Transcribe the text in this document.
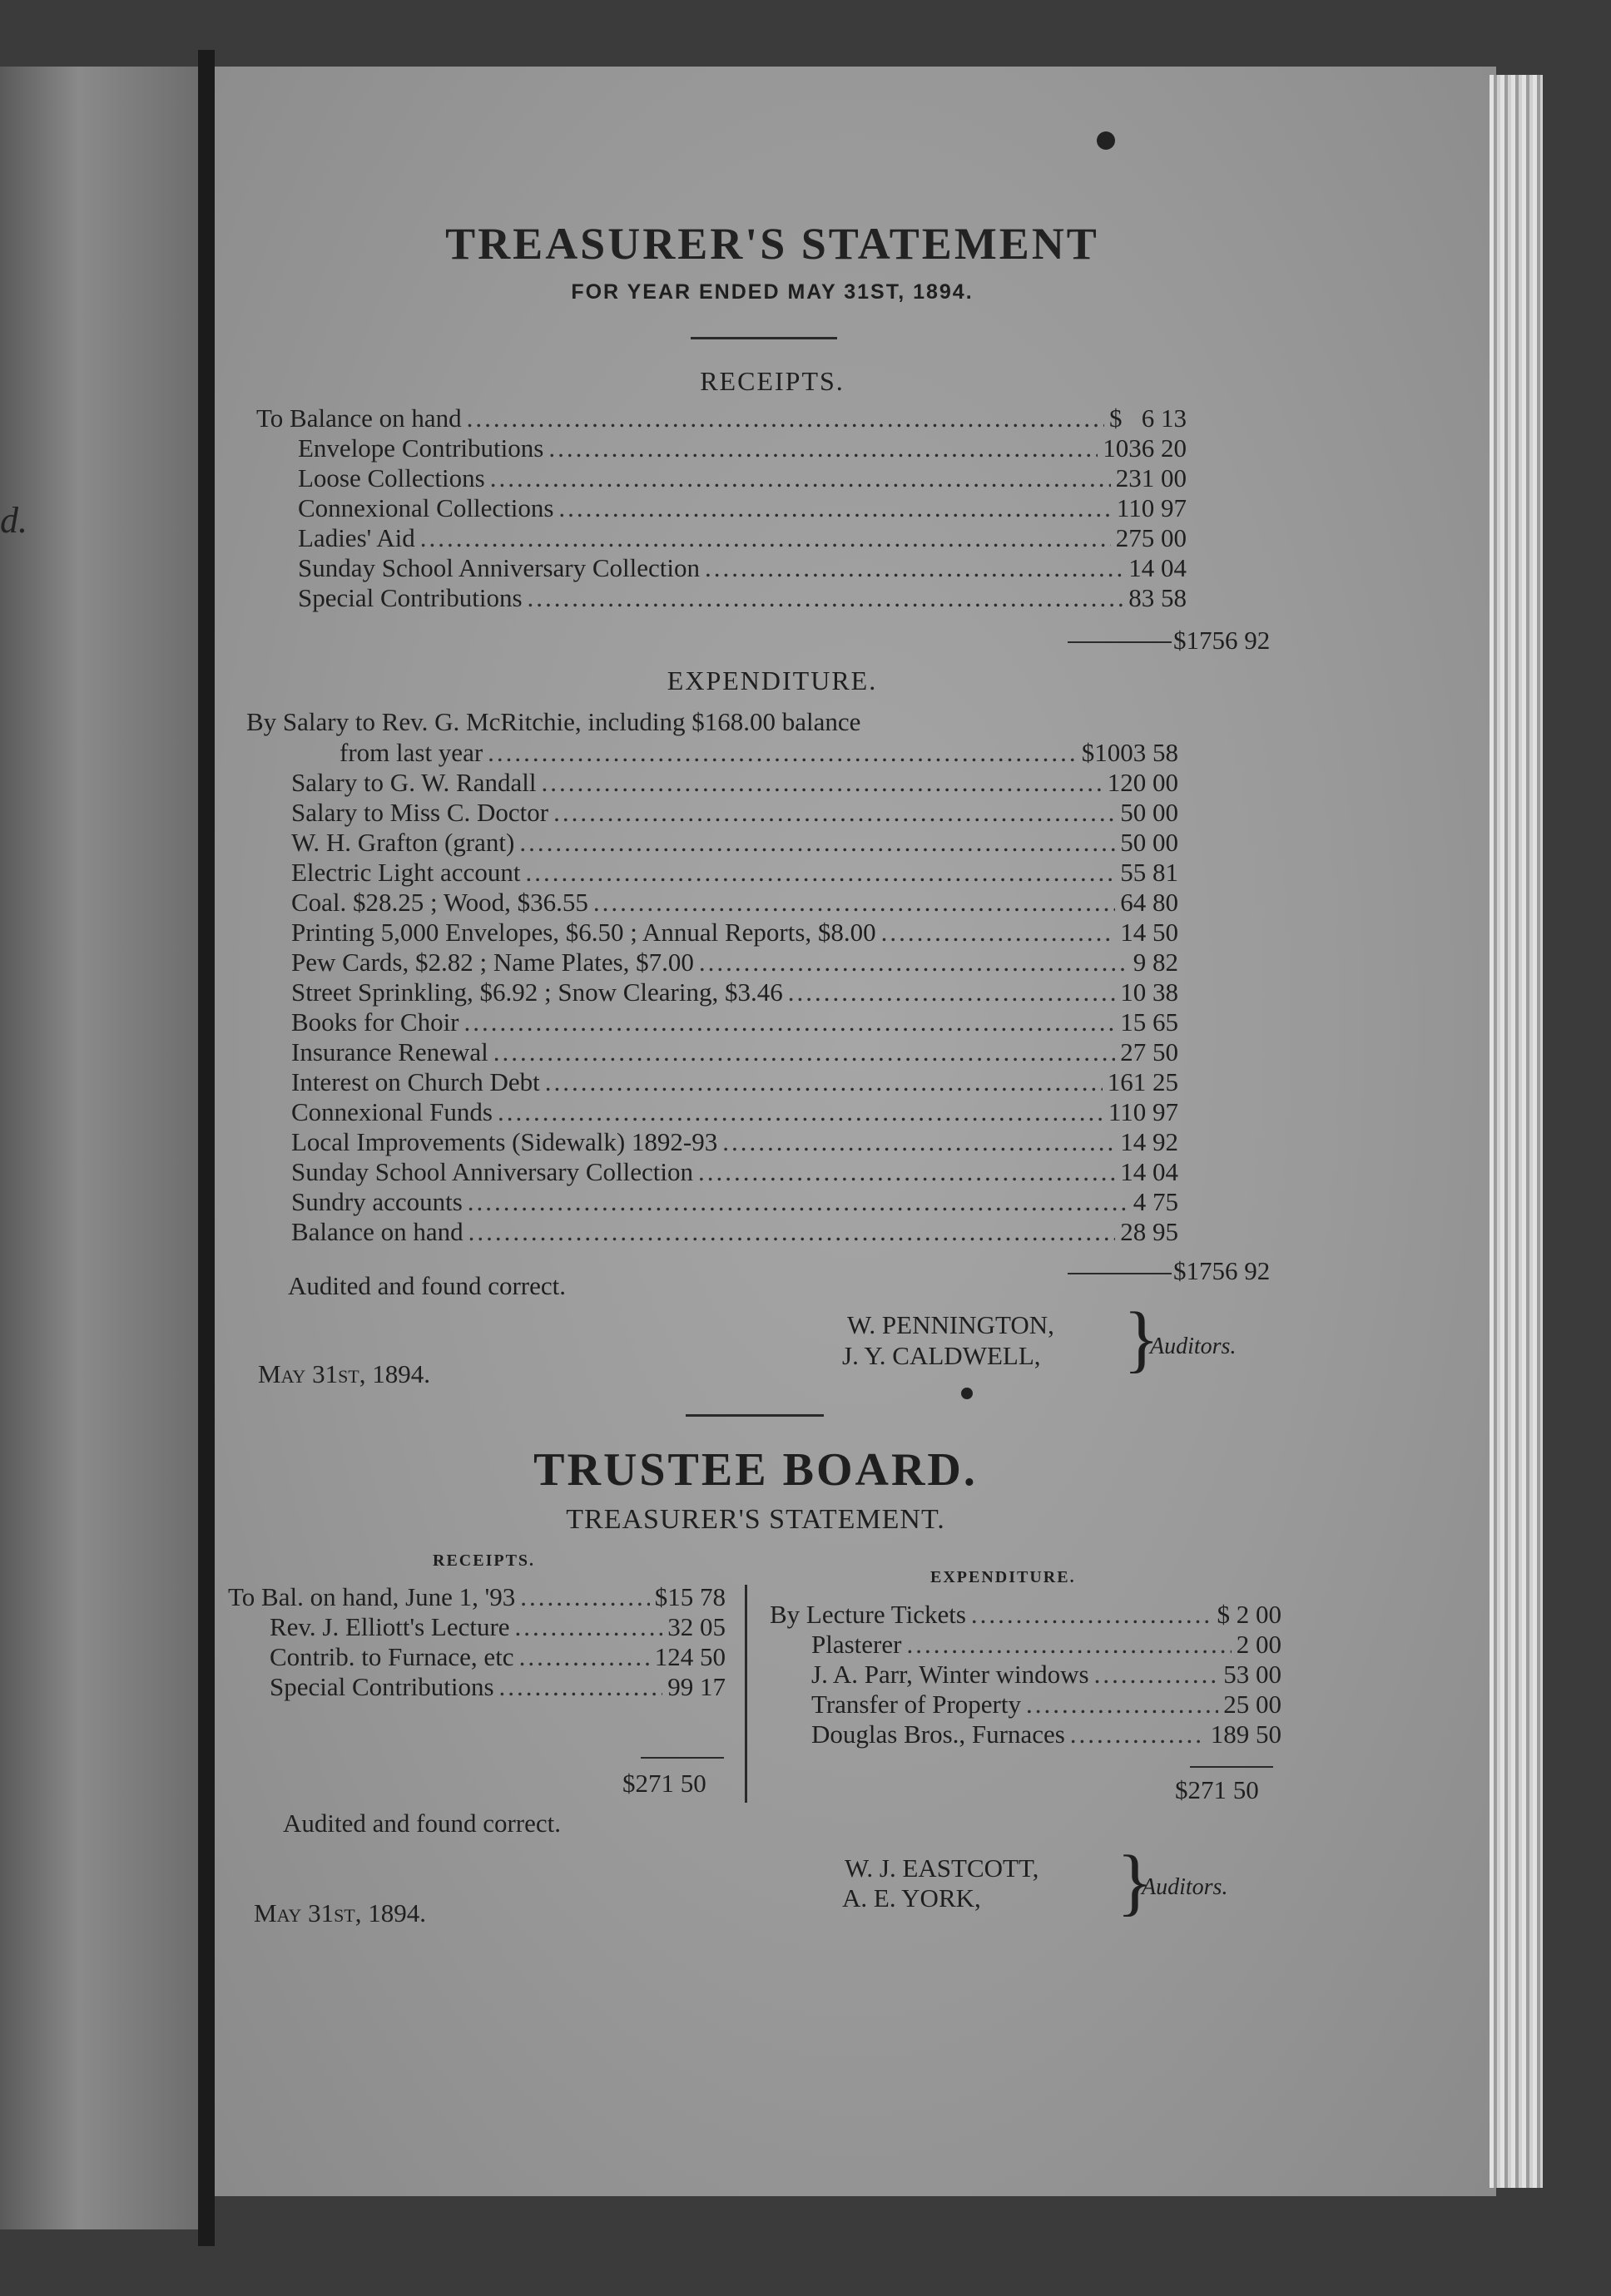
d.
TREASURER'S STATEMENT
FOR YEAR ENDED MAY 31ST, 1894.
RECEIPTS.
To Balance on hand .....	$   6 13
Envelope Contributions .....	1036 20
Loose Collections .....	231 00
Connexional Collections .....	110 97
Ladies' Aid .....	275 00
Sunday School Anniversary Collection .....	14 04
Special Contributions .....	83 58
$1756 92
EXPENDITURE.
By Salary to Rev. G. McRitchie, including $168.00 balance
from last year .....	$1003 58
Salary to G. W. Randall .....	120 00
Salary to Miss C. Doctor .....	50 00
W. H. Grafton (grant) .....	50 00
Electric Light account .....	55 81
Coal. $28.25 ; Wood, $36.55 .....	64 80
Printing 5,000 Envelopes, $6.50 ; Annual Reports, $8.00 .....	14 50
Pew Cards, $2.82 ; Name Plates, $7.00 .....	9 82
Street Sprinkling, $6.92 ; Snow Clearing, $3.46 .....	10 38
Books for Choir .....	15 65
Insurance Renewal .....	27 50
Interest on Church Debt .....	161 25
Connexional Funds .....	110 97
Local Improvements (Sidewalk) 1892-93 .....	14 92
Sunday School Anniversary Collection .....	14 04
Sundry accounts .....	4 75
Balance on hand .....	28 95
$1756 92
Audited and found correct.
W. PENNINGTON,
J. Y. CALDWELL, }
Auditors.
May 31st, 1894.
TRUSTEE BOARD.
TREASURER'S STATEMENT.
RECEIPTS.
EXPENDITURE.
To Bal. on hand, June 1, '93 .....	$15 78
Rev. J. Elliott's Lecture .....	32 05
Contrib. to Furnace, etc .....	124 50
Special Contributions .....	99 17
$271 50
By Lecture Tickets .....	$ 2 00
Plasterer .....	2 00
J. A. Parr, Winter windows .....	53 00
Transfer of Property .....	25 00
Douglas Bros., Furnaces .....	189 50
$271 50
Audited and found correct.
W. J. EASTCOTT,
A. E. YORK, }
Auditors.
May 31st, 1894.
